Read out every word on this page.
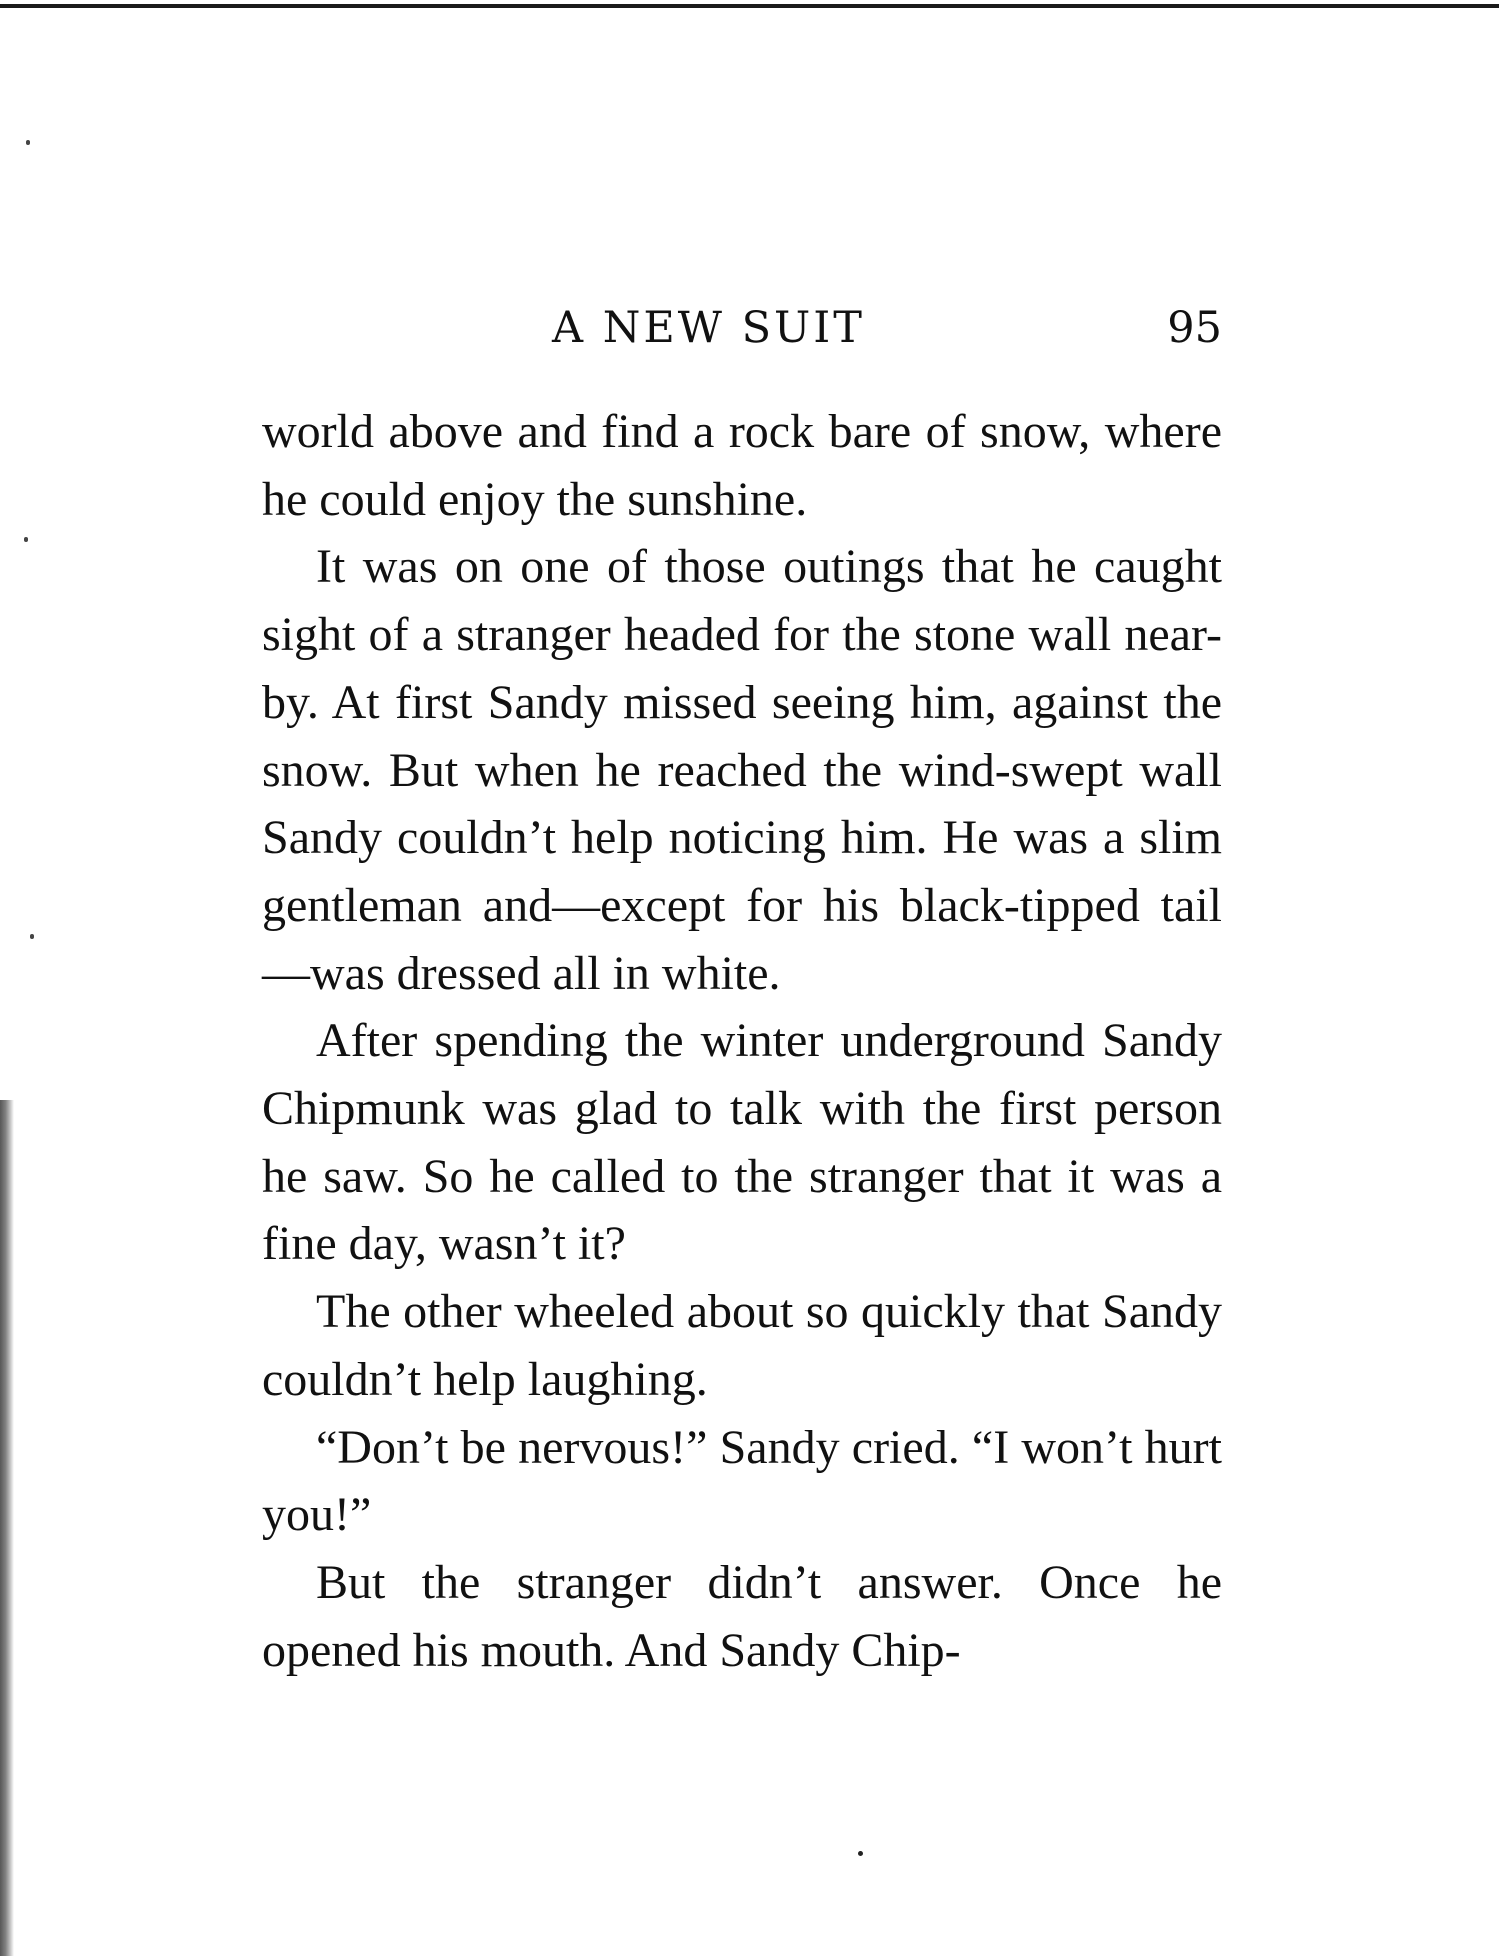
A NEW SUIT	95

world above and find a rock bare of snow, where he could enjoy the sunshine.

It was on one of those outings that he caught sight of a stranger headed for the stone wall near-by. At first Sandy missed seeing him, against the snow. But when he reached the wind-swept wall Sandy couldn’t help noticing him. He was a slim gentleman and—except for his black-tipped tail—was dressed all in white.

After spending the winter underground Sandy Chipmunk was glad to talk with the first person he saw. So he called to the stranger that it was a fine day, wasn’t it?

The other wheeled about so quickly that Sandy couldn’t help laughing.

“Don’t be nervous!” Sandy cried. “I won’t hurt you!”

But the stranger didn’t answer. Once he opened his mouth. And Sandy Chip-
